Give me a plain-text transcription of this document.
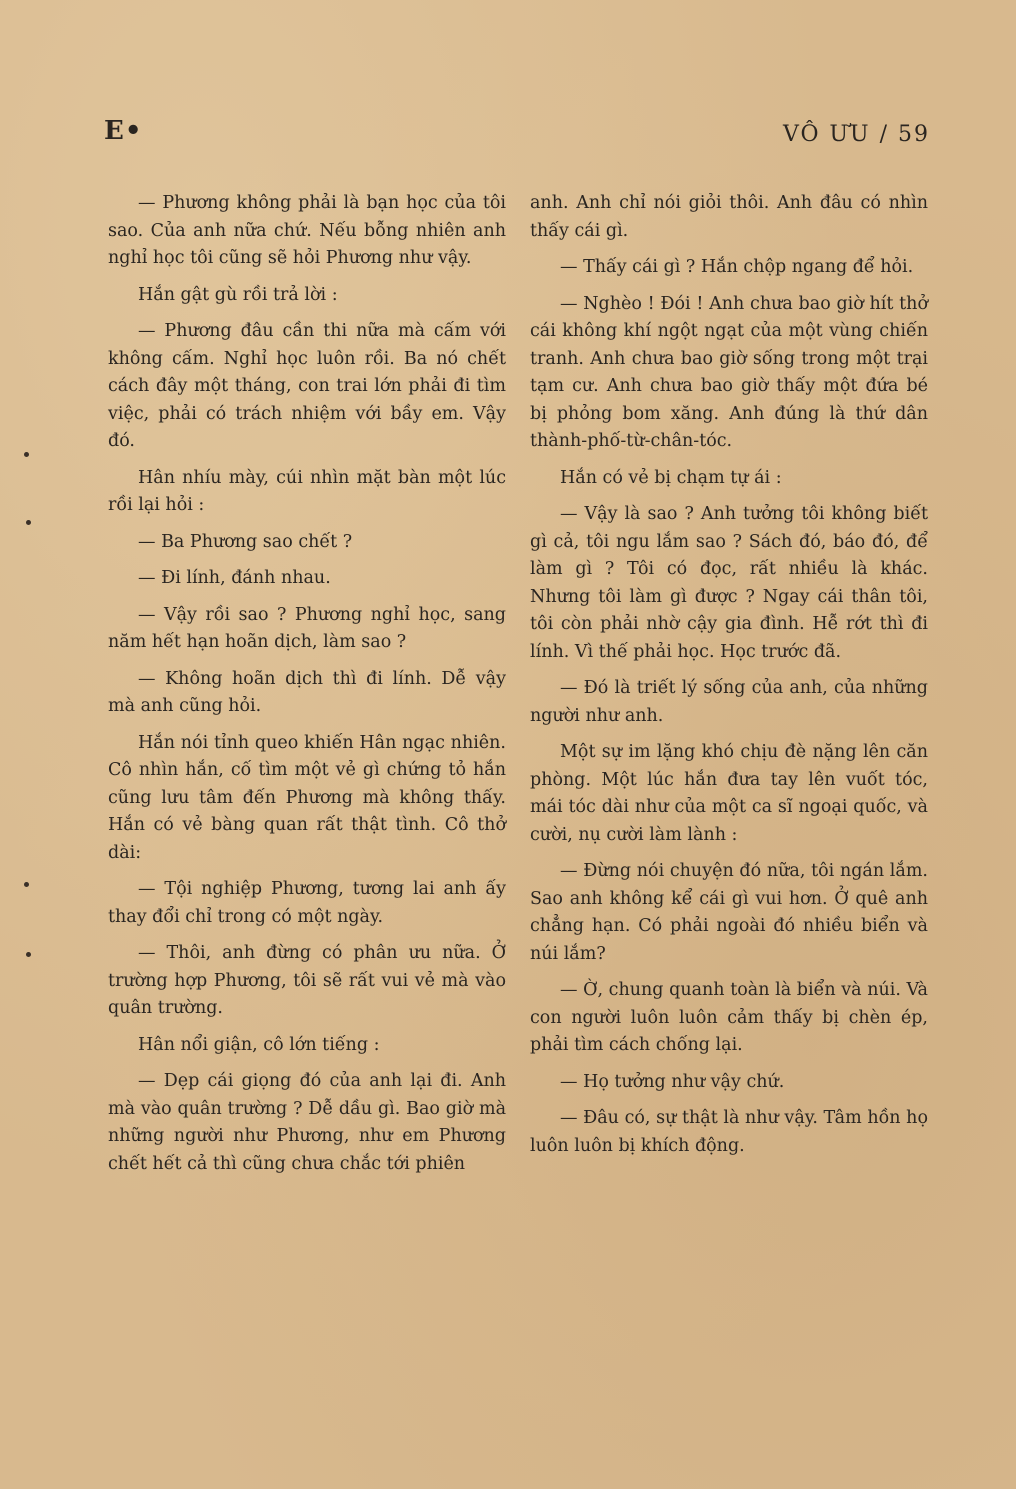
E•	VÔ ƯU / 59

— Phương không phải là bạn học của tôi sao. Của anh nữa chứ. Nếu bỗng nhiên anh nghỉ học tôi cũng sẽ hỏi Phương như vậy.

Hắn gật gù rồi trả lời :

— Phương đâu cần thi nữa mà cấm với không cấm. Nghỉ học luôn rồi. Ba nó chết cách đây một tháng, con trai lớn phải đi tìm việc, phải có trách nhiệm với bầy em. Vậy đó.

Hân nhíu mày, cúi nhìn mặt bàn một lúc rồi lại hỏi :

— Ba Phương sao chết ?

— Đi lính, đánh nhau.

— Vậy rồi sao ? Phương nghỉ học, sang năm hết hạn hoãn dịch, làm sao ?

— Không hoãn dịch thì đi lính. Dễ vậy mà anh cũng hỏi.

Hắn nói tỉnh queo khiến Hân ngạc nhiên. Cô nhìn hắn, cố tìm một vẻ gì chứng tỏ hắn cũng lưu tâm đến Phương mà không thấy. Hắn có vẻ bàng quan rất thật tình. Cô thở dài:

— Tội nghiệp Phương, tương lai anh ấy thay đổi chỉ trong có một ngày.

— Thôi, anh đừng có phân ưu nữa. Ở trường hợp Phương, tôi sẽ rất vui vẻ mà vào quân trường.

Hân nổi giận, cô lớn tiếng :

— Dẹp cái giọng đó của anh lại đi. Anh mà vào quân trường ? Dễ dầu gì. Bao giờ mà những người như Phương, như em Phương chết hết cả thì cũng chưa chắc tới phiên

anh. Anh chỉ nói giỏi thôi. Anh đâu có nhìn thấy cái gì.

— Thấy cái gì ? Hắn chộp ngang để hỏi.

— Nghèo ! Đói ! Anh chưa bao giờ hít thở cái không khí ngột ngạt của một vùng chiến tranh. Anh chưa bao giờ sống trong một trại tạm cư. Anh chưa bao giờ thấy một đứa bé bị phỏng bom xăng. Anh đúng là thứ dân thành-phố-từ-chân-tóc.

Hắn có vẻ bị chạm tự ái :

— Vậy là sao ? Anh tưởng tôi không biết gì cả, tôi ngu lắm sao ? Sách đó, báo đó, để làm gì ? Tôi có đọc, rất nhiều là khác. Nhưng tôi làm gì được ? Ngay cái thân tôi, tôi còn phải nhờ cậy gia đình. Hễ rớt thì đi lính. Vì thế phải học. Học trước đã.

— Đó là triết lý sống của anh, của những người như anh.

Một sự im lặng khó chịu đè nặng lên căn phòng. Một lúc hắn đưa tay lên vuốt tóc, mái tóc dài như của một ca sĩ ngoại quốc, và cười, nụ cười làm lành :

— Đừng nói chuyện đó nữa, tôi ngán lắm. Sao anh không kể cái gì vui hơn. Ở quê anh chẳng hạn. Có phải ngoài đó nhiều biển và núi lắm?

— Ờ, chung quanh toàn là biển và núi. Và con người luôn luôn cảm thấy bị chèn ép, phải tìm cách chống lại.

— Họ tưởng như vậy chứ.

— Đâu có, sự thật là như vậy. Tâm hồn họ luôn luôn bị khích động.
